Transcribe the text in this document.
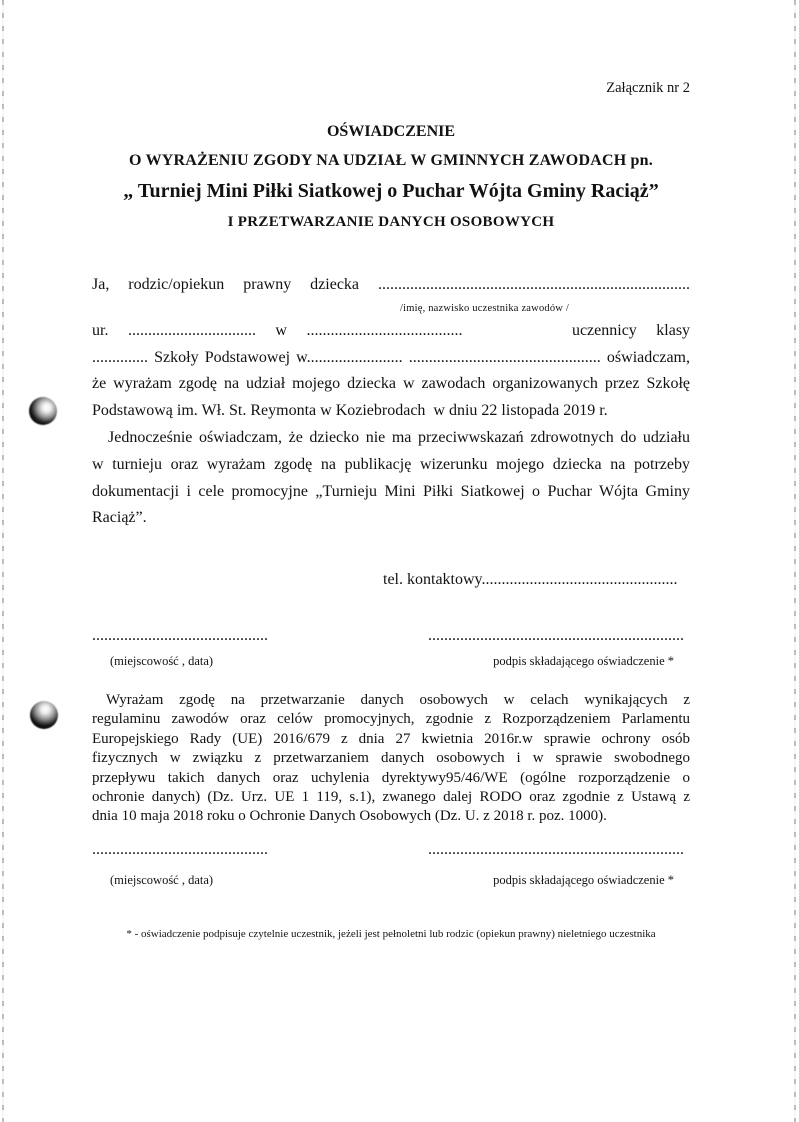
Załącznik nr 2
OŚWIADCZENIE
O WYRAŻENIU ZGODY NA UDZIAŁ W GMINNYCH ZAWODACH pn.
„ Turniej Mini Piłki Siatkowej o Puchar Wójta Gminy Raciąż”
I PRZETWARZANIE DANYCH OSOBOWYCH
Ja, rodzic/opiekun prawny dziecka ..............................................................................
/imię, nazwisko uczestnika zawodów /
ur. ................................ w .......................................	uczennicy klasy
.............. Szkoły Podstawowej w........................ ................................................ oświadczam,
że wyrażam zgodę na udział mojego dziecka w zawodach organizowanych przez Szkołę
Podstawową im. Wł. St. Reymonta w Koziebrodach  w dniu 22 listopada 2019 r.
Jednocześnie oświadczam, że dziecko nie ma przeciwwskazań zdrowotnych do udziału
w turnieju oraz wyrażam zgodę na publikację wizerunku mojego dziecka na potrzeby
dokumentacji i cele promocyjne „Turnieju Mini Piłki Siatkowej o Puchar Wójta Gminy
Raciąż”.
tel. kontaktowy.................................................
............................................	................................................................
(miejscowość , data)	podpis składającego oświadczenie *
Wyrażam zgodę na przetwarzanie danych osobowych w celach wynikających z
regulaminu zawodów oraz celów promocyjnych, zgodnie z Rozporządzeniem Parlamentu
Europejskiego Rady (UE) 2016/679 z dnia 27 kwietnia 2016r.w sprawie ochrony osób
fizycznych w związku z przetwarzaniem danych osobowych i w sprawie swobodnego
przepływu takich danych oraz uchylenia dyrektywy95/46/WE (ogólne rozporządzenie o
ochronie danych) (Dz. Urz. UE 1 119, s.1), zwanego dalej RODO oraz zgodnie z Ustawą z
dnia 10 maja 2018 roku o Ochronie Danych Osobowych (Dz. U. z 2018 r. poz. 1000).
............................................	................................................................
(miejscowość , data)	podpis składającego oświadczenie *
* - oświadczenie podpisuje czytelnie uczestnik, jeżeli jest pełnoletni lub rodzic (opiekun prawny) nieletniego uczestnika
